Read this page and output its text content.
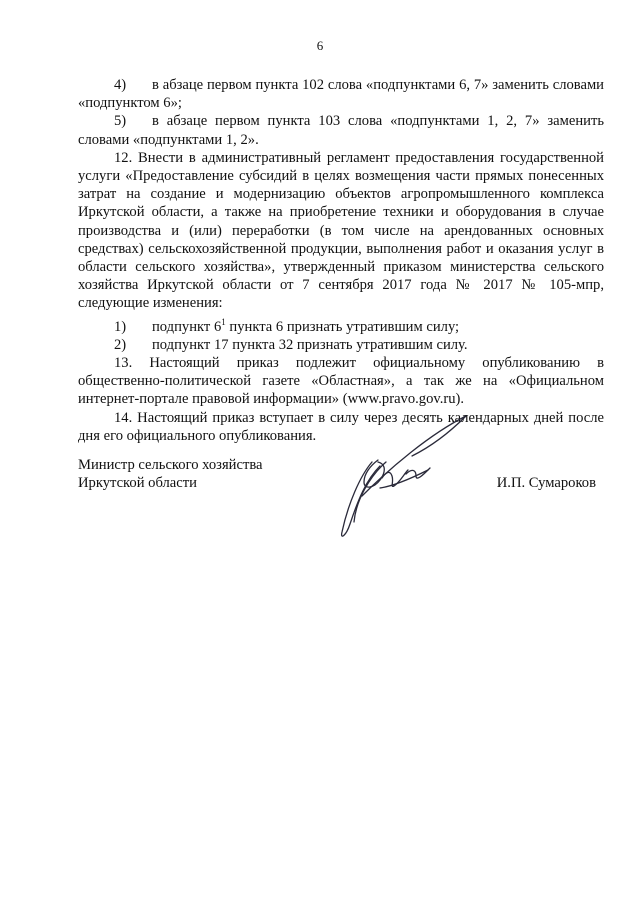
6

4) в абзаце первом пункта 102 слова «подпунктами 6, 7» заменить словами «подпунктом 6»;

5) в абзаце первом пункта 103 слова «подпунктами 1, 2, 7» заменить словами «подпунктами 1, 2».

12. Внести в административный регламент предоставления государственной услуги «Предоставление субсидий в целях возмещения части прямых понесенных затрат на создание и модернизацию объектов агропромышленного комплекса Иркутской области, а также на приобретение техники и оборудования в случае производства и (или) переработки (в том числе на арендованных основных средствах) сельскохозяйственной продукции, выполнения работ и оказания услуг в области сельского хозяйства», утвержденный приказом министерства сельского хозяйства Иркутской области от 7 сентября 2017 года № 2017 № 105-мпр, следующие изменения:

1) подпункт $6^1$ пункта 6 признать утратившим силу;

2) подпункт 17 пункта 32 признать утратившим силу.

13. Настоящий приказ подлежит официальному опубликованию в общественно-политической газете «Областная», а так же на «Официальном интернет-портале правовой информации» (www.pravo.gov.ru).

14. Настоящий приказ вступает в силу через десять календарных дней после дня его официального опубликования.

Министр сельского хозяйства
Иркутской области	И.П. Сумароков
